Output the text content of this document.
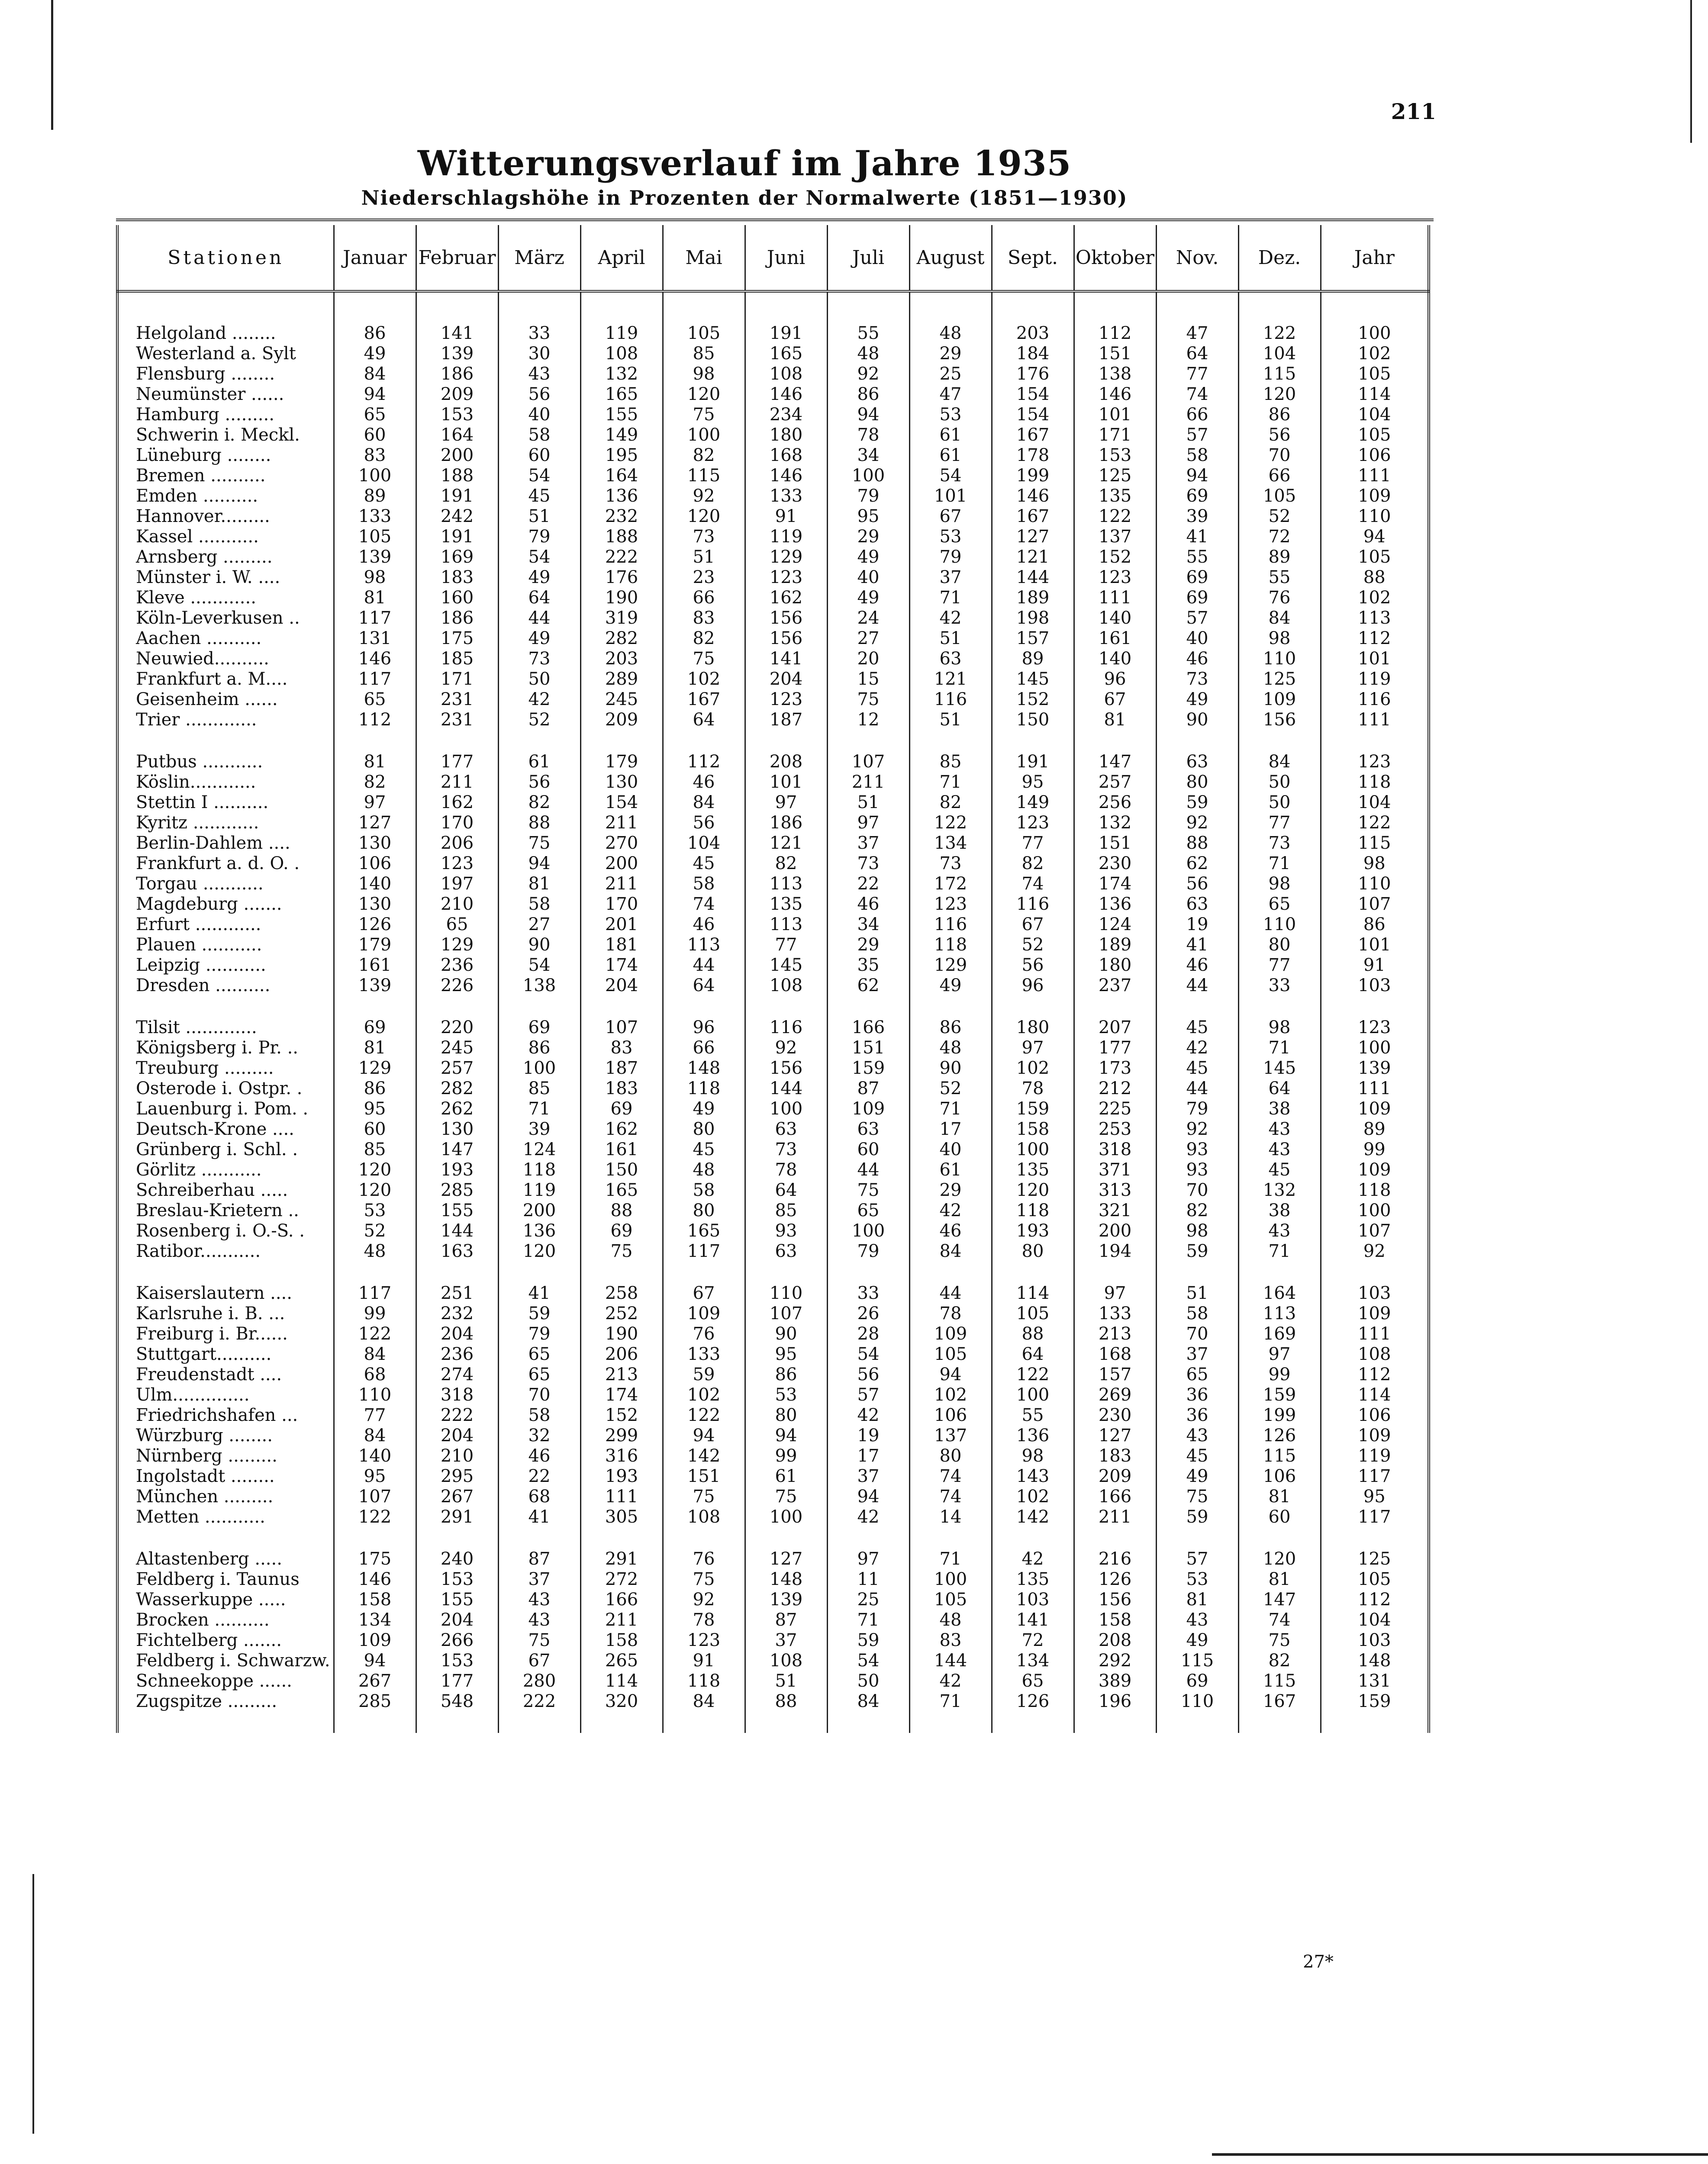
211
Witterungsverlauf im Jahre 1935
Niederschlagshöhe in Prozenten der Normalwerte (1851—1930)
Stationen	Januar	Februar	März	April	Mai	Juni	Juli	August	Sept.	Oktober	Nov.	Dez.	Jahr

Helgoland ........	86	141	33	119	105	191	55	48	203	112	47	122	100
Westerland a. Sylt	49	139	30	108	85	165	48	29	184	151	64	104	102
Flensburg ........	84	186	43	132	98	108	92	25	176	138	77	115	105
Neumünster ......	94	209	56	165	120	146	86	47	154	146	74	120	114
Hamburg .........	65	153	40	155	75	234	94	53	154	101	66	86	104
Schwerin i. Meckl.	60	164	58	149	100	180	78	61	167	171	57	56	105
Lüneburg ........	83	200	60	195	82	168	34	61	178	153	58	70	106
Bremen ..........	100	188	54	164	115	146	100	54	199	125	94	66	111
Emden ..........	89	191	45	136	92	133	79	101	146	135	69	105	109
Hannover.........	133	242	51	232	120	91	95	67	167	122	39	52	110
Kassel ...........	105	191	79	188	73	119	29	53	127	137	41	72	94
Arnsberg .........	139	169	54	222	51	129	49	79	121	152	55	89	105
Münster i. W. ....	98	183	49	176	23	123	40	37	144	123	69	55	88
Kleve ............	81	160	64	190	66	162	49	71	189	111	69	76	102
Köln-Leverkusen ..	117	186	44	319	83	156	24	42	198	140	57	84	113
Aachen ..........	131	175	49	282	82	156	27	51	157	161	40	98	112
Neuwied..........	146	185	73	203	75	141	20	63	89	140	46	110	101
Frankfurt a. M....	117	171	50	289	102	204	15	121	145	96	73	125	119
Geisenheim ......	65	231	42	245	167	123	75	116	152	67	49	109	116
Trier .............	112	231	52	209	64	187	12	51	150	81	90	156	111

Putbus ...........	81	177	61	179	112	208	107	85	191	147	63	84	123
Köslin............	82	211	56	130	46	101	211	71	95	257	80	50	118
Stettin I ..........	97	162	82	154	84	97	51	82	149	256	59	50	104
Kyritz ............	127	170	88	211	56	186	97	122	123	132	92	77	122
Berlin-Dahlem ....	130	206	75	270	104	121	37	134	77	151	88	73	115
Frankfurt a. d. O. .	106	123	94	200	45	82	73	73	82	230	62	71	98
Torgau ...........	140	197	81	211	58	113	22	172	74	174	56	98	110
Magdeburg .......	130	210	58	170	74	135	46	123	116	136	63	65	107
Erfurt ............	126	65	27	201	46	113	34	116	67	124	19	110	86
Plauen ...........	179	129	90	181	113	77	29	118	52	189	41	80	101
Leipzig ...........	161	236	54	174	44	145	35	129	56	180	46	77	91
Dresden ..........	139	226	138	204	64	108	62	49	96	237	44	33	103

Tilsit .............	69	220	69	107	96	116	166	86	180	207	45	98	123
Königsberg i. Pr. ..	81	245	86	83	66	92	151	48	97	177	42	71	100
Treuburg .........	129	257	100	187	148	156	159	90	102	173	45	145	139
Osterode i. Ostpr. .	86	282	85	183	118	144	87	52	78	212	44	64	111
Lauenburg i. Pom. .	95	262	71	69	49	100	109	71	159	225	79	38	109
Deutsch-Krone ....	60	130	39	162	80	63	63	17	158	253	92	43	89
Grünberg i. Schl. .	85	147	124	161	45	73	60	40	100	318	93	43	99
Görlitz ...........	120	193	118	150	48	78	44	61	135	371	93	45	109
Schreiberhau .....	120	285	119	165	58	64	75	29	120	313	70	132	118
Breslau-Krietern ..	53	155	200	88	80	85	65	42	118	321	82	38	100
Rosenberg i. O.-S. .	52	144	136	69	165	93	100	46	193	200	98	43	107
Ratibor...........	48	163	120	75	117	63	79	84	80	194	59	71	92

Kaiserslautern ....	117	251	41	258	67	110	33	44	114	97	51	164	103
Karlsruhe i. B. ...	99	232	59	252	109	107	26	78	105	133	58	113	109
Freiburg i. Br......	122	204	79	190	76	90	28	109	88	213	70	169	111
Stuttgart..........	84	236	65	206	133	95	54	105	64	168	37	97	108
Freudenstadt ....	68	274	65	213	59	86	56	94	122	157	65	99	112
Ulm..............	110	318	70	174	102	53	57	102	100	269	36	159	114
Friedrichshafen ...	77	222	58	152	122	80	42	106	55	230	36	199	106
Würzburg ........	84	204	32	299	94	94	19	137	136	127	43	126	109
Nürnberg .........	140	210	46	316	142	99	17	80	98	183	45	115	119
Ingolstadt ........	95	295	22	193	151	61	37	74	143	209	49	106	117
München .........	107	267	68	111	75	75	94	74	102	166	75	81	95
Metten ...........	122	291	41	305	108	100	42	14	142	211	59	60	117

Altastenberg .....	175	240	87	291	76	127	97	71	42	216	57	120	125
Feldberg i. Taunus	146	153	37	272	75	148	11	100	135	126	53	81	105
Wasserkuppe .....	158	155	43	166	92	139	25	105	103	156	81	147	112
Brocken ..........	134	204	43	211	78	87	71	48	141	158	43	74	104
Fichtelberg .......	109	266	75	158	123	37	59	83	72	208	49	75	103
Feldberg i. Schwarzw.	94	153	67	265	91	108	54	144	134	292	115	82	148
Schneekoppe ......	267	177	280	114	118	51	50	42	65	389	69	115	131
Zugspitze .........	285	548	222	320	84	88	84	71	126	196	110	167	159

27*
